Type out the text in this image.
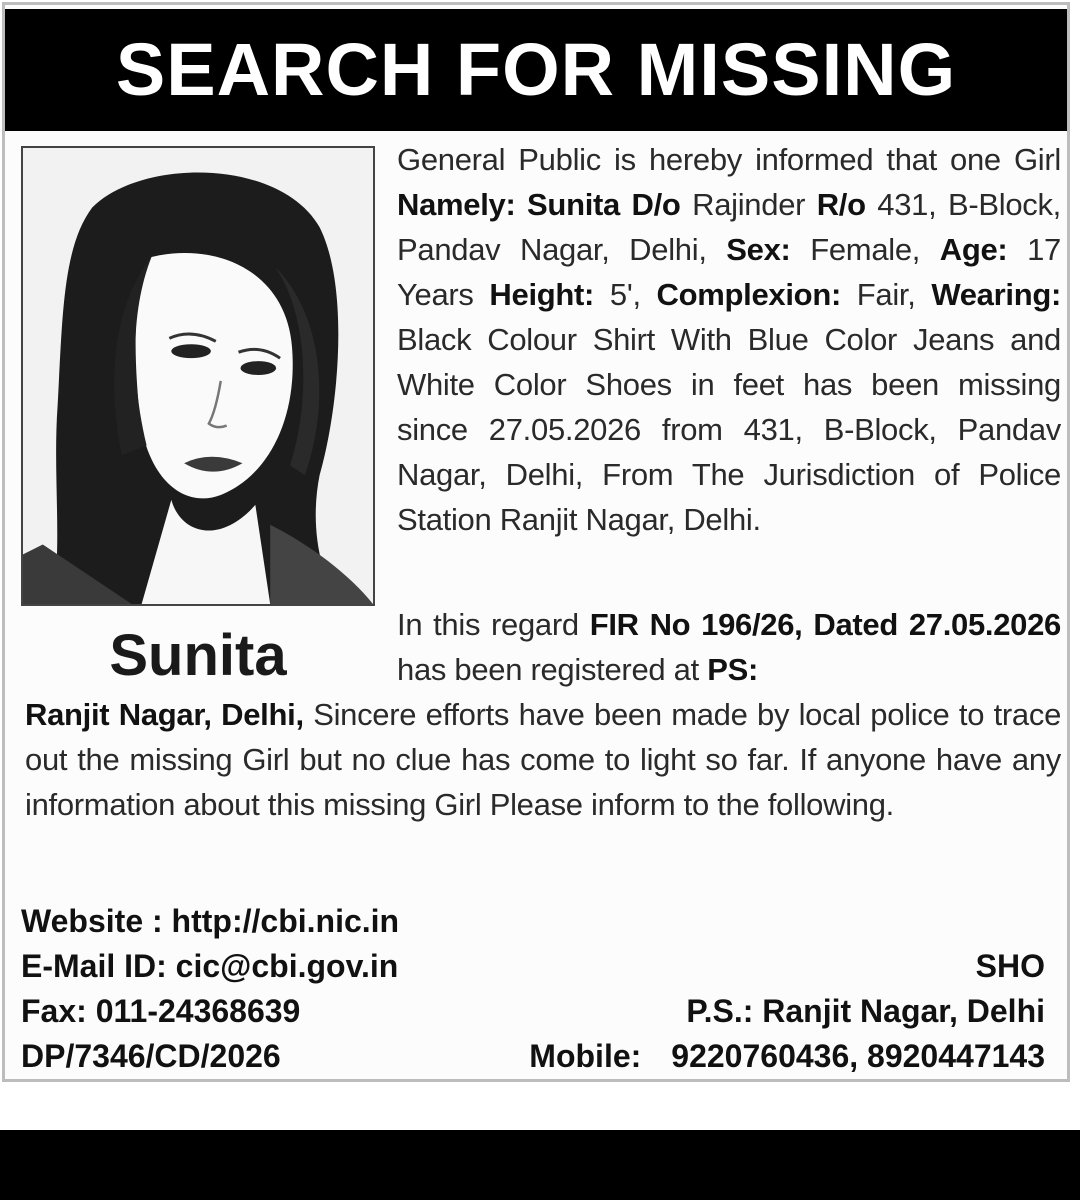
SEARCH FOR MISSING
Sunita
General Public is hereby informed that one Girl Namely: Sunita D/o Rajinder R/o 431, B-Block, Pandav Nagar, Delhi, Sex: Female, Age: 17 Years Height: 5', Complexion: Fair, Wearing: Black Colour Shirt With Blue Color Jeans and White Color Shoes in feet has been missing since 27.05.2026 from 431, B-Block, Pandav Nagar, Delhi, From The Jurisdiction of Police Station Ranjit Nagar, Delhi.
In this regard FIR No 196/26, Dated 27.05.2026 has been registered at PS:
Ranjit Nagar, Delhi, Sincere efforts have been made by local police to trace out the missing Girl but no clue has come to light so far. If anyone have any information about this missing Girl Please inform to the following.
Website : http://cbi.nic.in
E-Mail ID: cic@cbi.gov.in
Fax: 011-24368639
DP/7346/CD/2026
SHO
P.S.: Ranjit Nagar, Delhi
Mobile: 9220760436, 8920447143
